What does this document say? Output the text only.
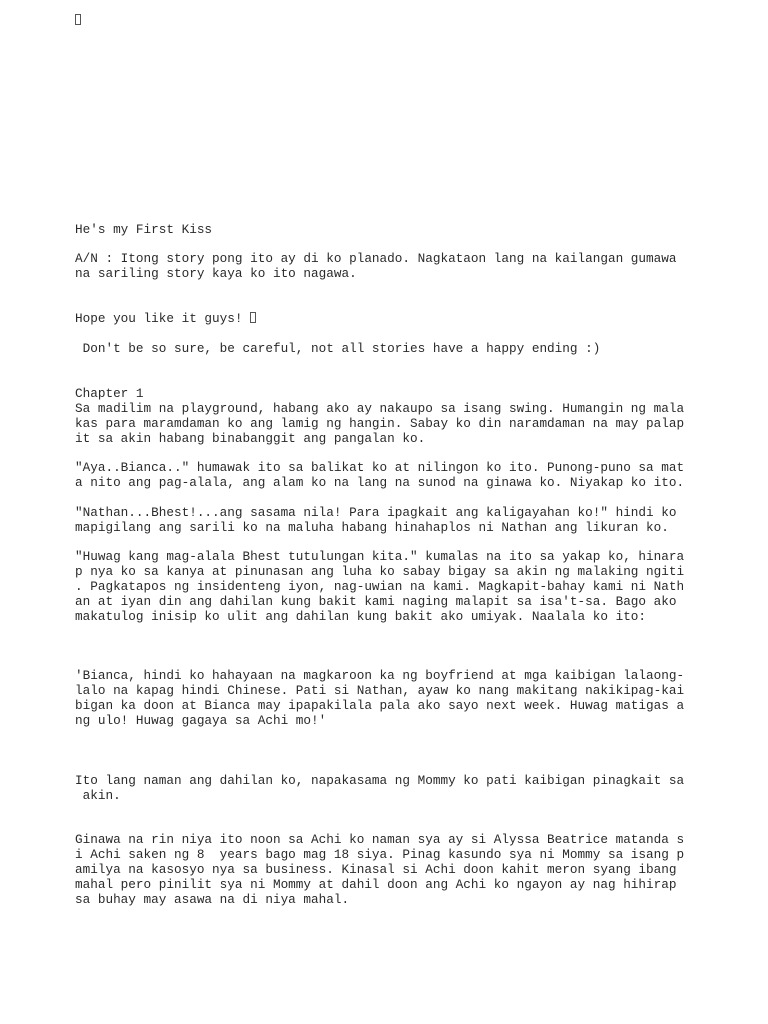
He's my First Kiss
A/N : Itong story pong ito ay di ko planado. Nagkataon lang na kailangan gumawa
na sariling story kaya ko ito nagawa.
Hope you like it guys!
Don't be so sure, be careful, not all stories have a happy ending :)
Chapter 1
Sa madilim na playground, habang ako ay nakaupo sa isang swing. Humangin ng mala
kas para maramdaman ko ang lamig ng hangin. Sabay ko din naramdaman na may palap
it sa akin habang binabanggit ang pangalan ko.
"Aya..Bianca.." humawak ito sa balikat ko at nilingon ko ito. Punong-puno sa mat
a nito ang pag-alala, ang alam ko na lang na sunod na ginawa ko. Niyakap ko ito.
"Nathan...Bhest!...ang sasama nila! Para ipagkait ang kaligayahan ko!" hindi ko
mapigilang ang sarili ko na maluha habang hinahaplos ni Nathan ang likuran ko.
"Huwag kang mag-alala Bhest tutulungan kita." kumalas na ito sa yakap ko, hinara
p nya ko sa kanya at pinunasan ang luha ko sabay bigay sa akin ng malaking ngiti
. Pagkatapos ng insidenteng iyon, nag-uwian na kami. Magkapit-bahay kami ni Nath
an at iyan din ang dahilan kung bakit kami naging malapit sa isa't-sa. Bago ako
makatulog inisip ko ulit ang dahilan kung bakit ako umiyak. Naalala ko ito:
'Bianca, hindi ko hahayaan na magkaroon ka ng boyfriend at mga kaibigan lalaong-
lalo na kapag hindi Chinese. Pati si Nathan, ayaw ko nang makitang nakikipag-kai
bigan ka doon at Bianca may ipapakilala pala ako sayo next week. Huwag matigas a
ng ulo! Huwag gagaya sa Achi mo!'
Ito lang naman ang dahilan ko, napakasama ng Mommy ko pati kaibigan pinagkait sa
akin.
Ginawa na rin niya ito noon sa Achi ko naman sya ay si Alyssa Beatrice matanda s
i Achi saken ng 8  years bago mag 18 siya. Pinag kasundo sya ni Mommy sa isang p
amilya na kasosyo nya sa business. Kinasal si Achi doon kahit meron syang ibang
mahal pero pinilit sya ni Mommy at dahil doon ang Achi ko ngayon ay nag hihirap
sa buhay may asawa na di niya mahal.
